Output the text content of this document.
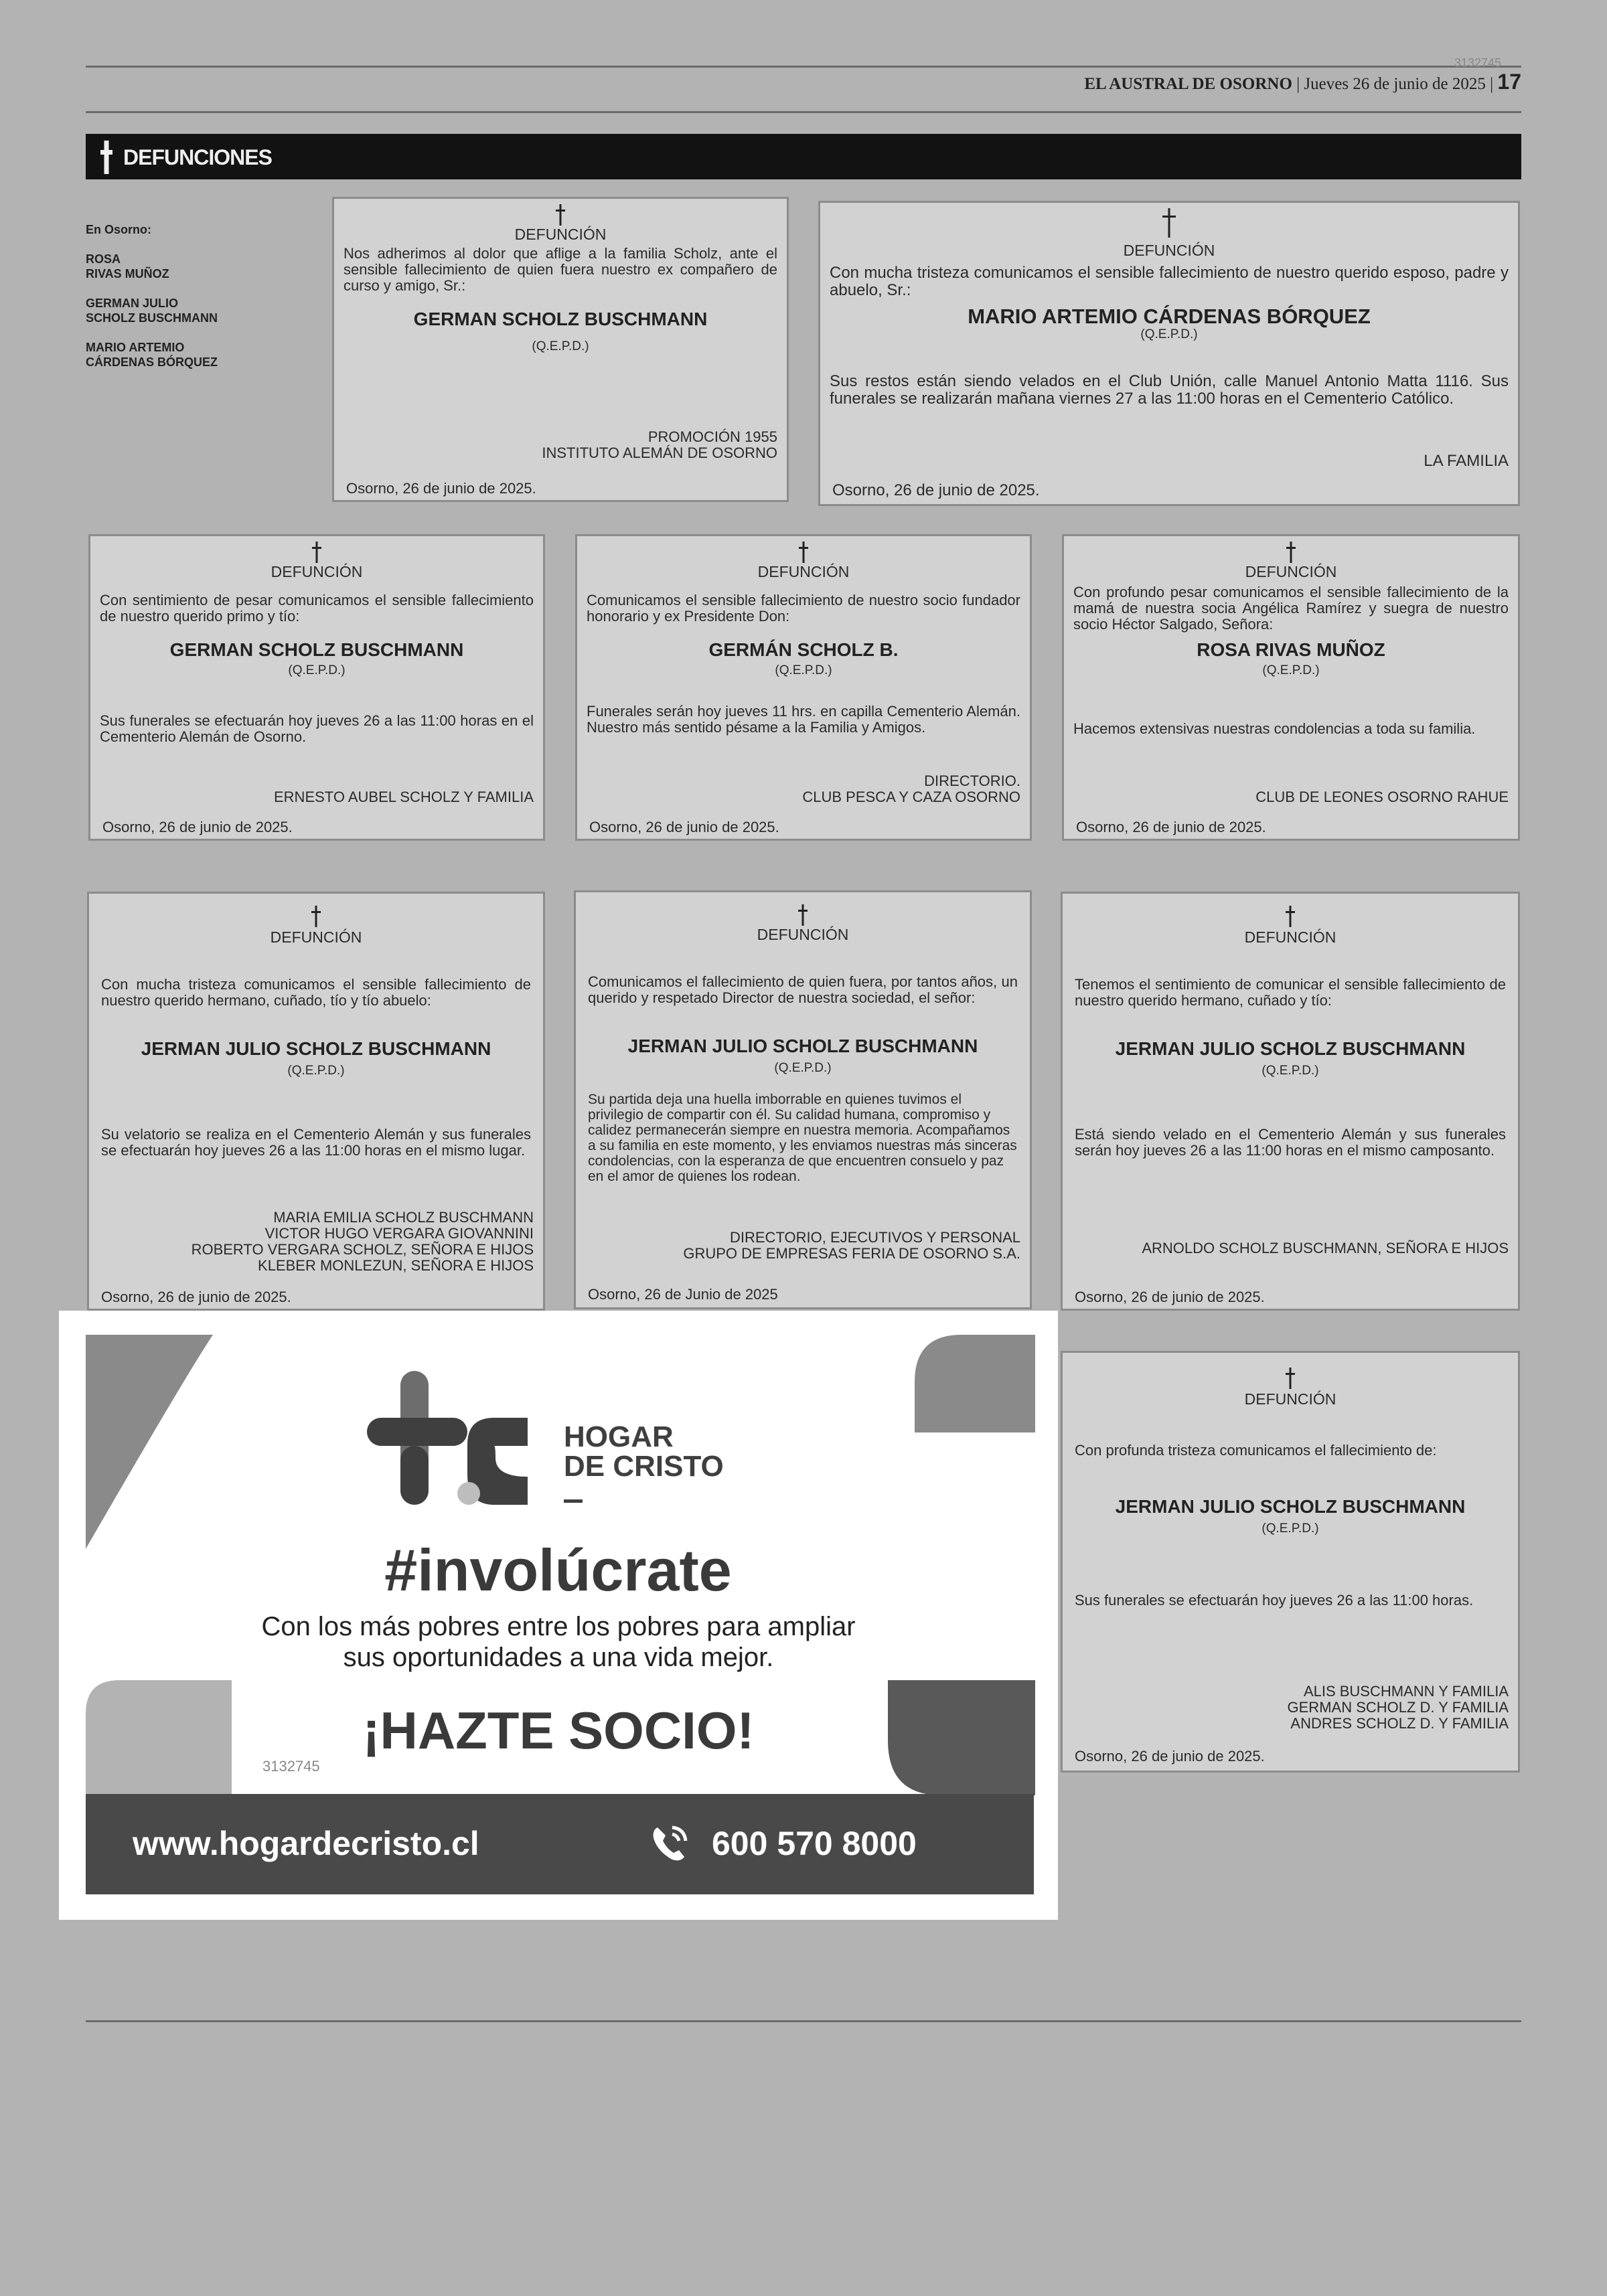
3132745
EL AUSTRAL DE OSORNO | Jueves 26 de junio de 2025 | 17
DEFUNCIONES
En Osorno:
ROSA
RIVAS MUÑOZ
GERMAN JULIO
SCHOLZ BUSCHMANN
MARIO ARTEMIO
CÁRDENAS BÓRQUEZ
DEFUNCIÓN
Nos adherimos al dolor que aflige a la familia Scholz, ante el sensible fallecimiento de quien fuera nuestro ex compañero de curso y amigo, Sr.:
GERMAN SCHOLZ BUSCHMANN
(Q.E.P.D.)
PROMOCIÓN 1955
INSTITUTO ALEMÁN DE OSORNO
Osorno, 26 de junio de 2025.
DEFUNCIÓN
Con mucha tristeza comunicamos el sensible fallecimiento de nuestro querido esposo, padre y abuelo, Sr.:
MARIO ARTEMIO CÁRDENAS BÓRQUEZ
(Q.E.P.D.)
Sus restos están siendo velados en el Club Unión, calle Manuel Antonio Matta 1116. Sus funerales se realizarán mañana viernes 27 a las 11:00 horas en el Cementerio Católico.
LA FAMILIA
Osorno, 26 de junio de 2025.
DEFUNCIÓN
Con sentimiento de pesar comunicamos el sensible fallecimiento de nuestro querido primo y tío:
GERMAN SCHOLZ BUSCHMANN
(Q.E.P.D.)
Sus funerales se efectuarán hoy jueves 26 a las 11:00 horas en el Cementerio Alemán de Osorno.
ERNESTO AUBEL SCHOLZ Y FAMILIA
Osorno, 26 de junio de 2025.
DEFUNCIÓN
Comunicamos el sensible fallecimiento de nuestro socio fundador honorario y ex Presidente Don:
GERMÁN SCHOLZ B.
(Q.E.P.D.)
Funerales serán hoy jueves 11 hrs. en capilla Cementerio Alemán. Nuestro más sentido pésame a la Familia y Amigos.
DIRECTORIO.
CLUB PESCA Y CAZA OSORNO
Osorno, 26 de junio de 2025.
DEFUNCIÓN
Con profundo pesar comunicamos el sensible fallecimiento de la mamá de nuestra socia Angélica Ramírez y suegra de nuestro socio Héctor Salgado, Señora:
ROSA RIVAS MUÑOZ
(Q.E.P.D.)
Hacemos extensivas nuestras condolencias a toda su familia.
CLUB DE LEONES OSORNO RAHUE
Osorno, 26 de junio de 2025.
DEFUNCIÓN
Con mucha tristeza comunicamos el sensible fallecimiento de nuestro querido hermano, cuñado, tío y tío abuelo:
JERMAN JULIO SCHOLZ BUSCHMANN
(Q.E.P.D.)
Su velatorio se realiza en el Cementerio Alemán y sus funerales se efectuarán hoy jueves 26 a las 11:00 horas en el mismo lugar.
MARIA EMILIA SCHOLZ BUSCHMANN
VICTOR HUGO VERGARA GIOVANNINI
ROBERTO VERGARA SCHOLZ, SEÑORA E HIJOS
KLEBER MONLEZUN, SEÑORA E HIJOS
Osorno, 26 de junio de 2025.
DEFUNCIÓN
Comunicamos el fallecimiento de quien fuera, por tantos años, un querido y respetado Director de nuestra sociedad, el señor:
JERMAN JULIO SCHOLZ BUSCHMANN
(Q.E.P.D.)
Su partida deja una huella imborrable en quienes tuvimos el privilegio de compartir con él. Su calidad humana, compromiso y calidez permanecerán siempre en nuestra memoria. Acompañamos a su familia en este momento, y les enviamos nuestras más sinceras condolencias, con la esperanza de que encuentren consuelo y paz en el amor de quienes los rodean.
DIRECTORIO, EJECUTIVOS Y PERSONAL
GRUPO DE EMPRESAS FERIA DE OSORNO S.A.
Osorno, 26 de Junio de 2025
DEFUNCIÓN
Tenemos el sentimiento de comunicar el sensible fallecimiento de nuestro querido hermano, cuñado y tío:
JERMAN JULIO SCHOLZ BUSCHMANN
(Q.E.P.D.)
Está siendo velado en el Cementerio Alemán y sus funerales serán hoy jueves 26 a las 11:00 horas en el mismo camposanto.
ARNOLDO SCHOLZ BUSCHMANN, SEÑORA E HIJOS
Osorno, 26 de junio de 2025.
DEFUNCIÓN
Con profunda tristeza comunicamos el fallecimiento de:
JERMAN JULIO SCHOLZ BUSCHMANN
(Q.E.P.D.)
Sus funerales se efectuarán hoy jueves 26 a las 11:00 horas.
ALIS BUSCHMANN Y FAMILIA
GERMAN SCHOLZ D. Y FAMILIA
ANDRES SCHOLZ D. Y FAMILIA
Osorno, 26 de junio de 2025.
HOGAR
DE CRISTO
#involúcrate
Con los más pobres entre los pobres para ampliar
sus oportunidades a una vida mejor.
¡HAZTE SOCIO!
3132745
www.hogardecristo.cl	600 570 8000
